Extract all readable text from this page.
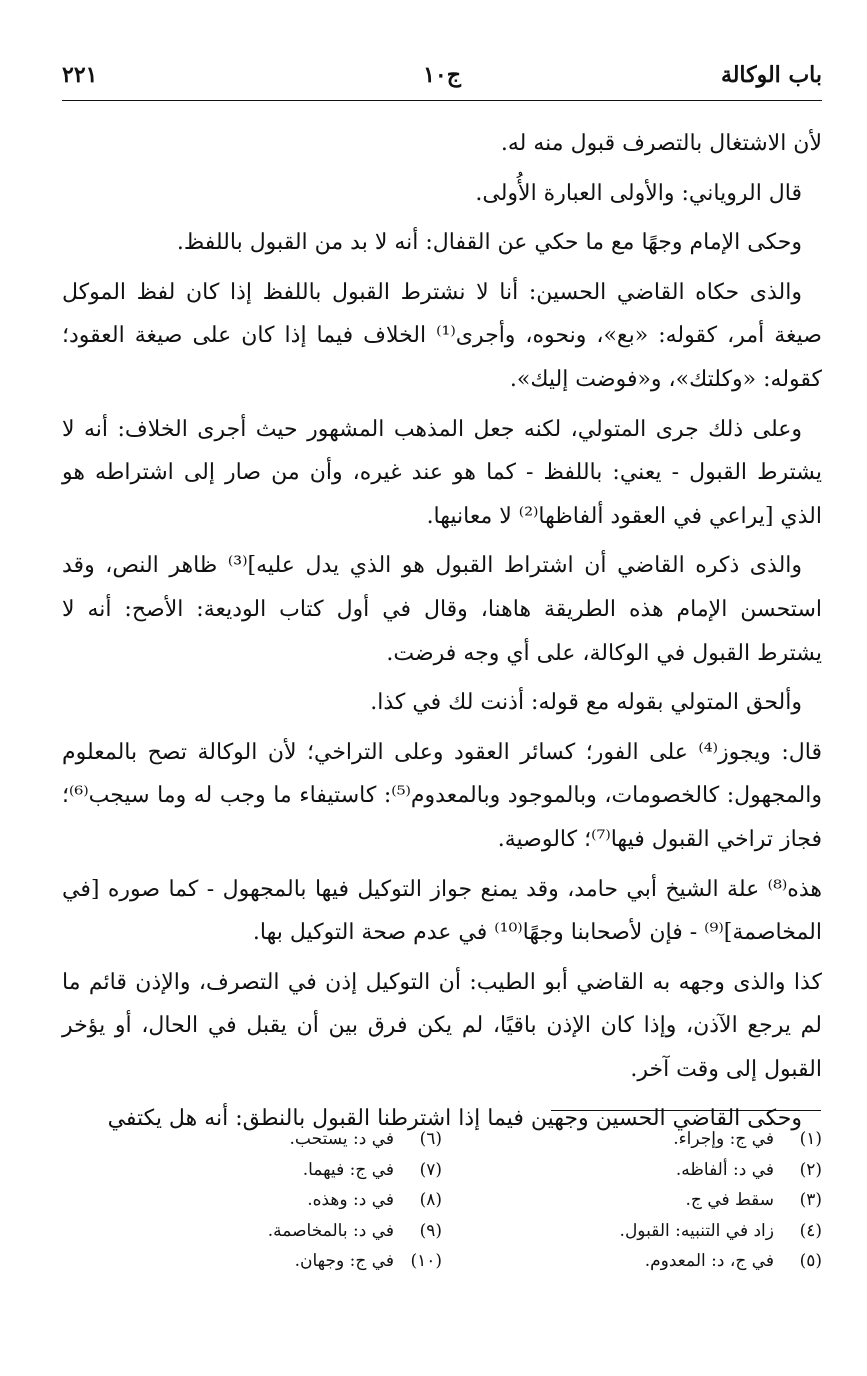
باب الوكالة
ج١٠
٢٢١

لأن الاشتغال بالتصرف قبول منه له.

قال الروياني: والأولى العبارة الأُولى.

وحكى الإمام وجهًا مع ما حكي عن القفال: أنه لا بد من القبول باللفظ.

والذى حكاه القاضي الحسين: أنا لا نشترط القبول باللفظ إذا كان لفظ الموكل صيغة أمر، كقوله: «بع»، ونحوه، وأجرى⁽¹⁾ الخلاف فيما إذا كان على صيغة العقود؛ كقوله: «وكلتك»، و«فوضت إليك».

وعلى ذلك جرى المتولي، لكنه جعل المذهب المشهور حيث أجرى الخلاف: أنه لا يشترط القبول - يعني: باللفظ - كما هو عند غيره، وأن من صار إلى اشتراطه هو الذي [يراعي في العقود ألفاظها⁽²⁾ لا معانيها.

والذى ذكره القاضي أن اشتراط القبول هو الذي يدل عليه]⁽³⁾ ظاهر النص، وقد استحسن الإمام هذه الطريقة هاهنا، وقال في أول كتاب الوديعة: الأصح: أنه لا يشترط القبول في الوكالة، على أي وجه فرضت.

وألحق المتولي بقوله مع قوله: أذنت لك في كذا.

قال: ويجوز⁽⁴⁾ على الفور؛ كسائر العقود وعلى التراخي؛ لأن الوكالة تصح بالمعلوم والمجهول: كالخصومات، وبالموجود وبالمعدوم⁽⁵⁾: كاستيفاء ما وجب له وما سيجب⁽⁶⁾؛ فجاز تراخي القبول فيها⁽⁷⁾؛ كالوصية.

هذه⁽⁸⁾ علة الشيخ أبي حامد، وقد يمنع جواز التوكيل فيها بالمجهول - كما صوره [في المخاصمة]⁽⁹⁾ - فإن لأصحابنا وجهًا⁽¹⁰⁾ في عدم صحة التوكيل بها.

كذا والذى وجهه به القاضي أبو الطيب: أن التوكيل إذن في التصرف، والإذن قائم ما لم يرجع الآذن، وإذا كان الإذن باقيًا، لم يكن فرق بين أن يقبل في الحال، أو يؤخر القبول إلى وقت آخر.

وحكى القاضي الحسين وجهين فيما إذا اشترطنا القبول بالنطق: أنه هل يكتفي

(١)في ج: وإجراء.
(٢)في د: ألفاظه.
(٣)سقط في ج.
(٤)زاد في التنبيه: القبول.
(٥)في ج، د: المعدوم.
(٦)في د: يستحب.
(٧)في ج: فيهما.
(٨)في د: وهذه.
(٩)في د: بالمخاصمة.
(١٠)في ج: وجهان.
